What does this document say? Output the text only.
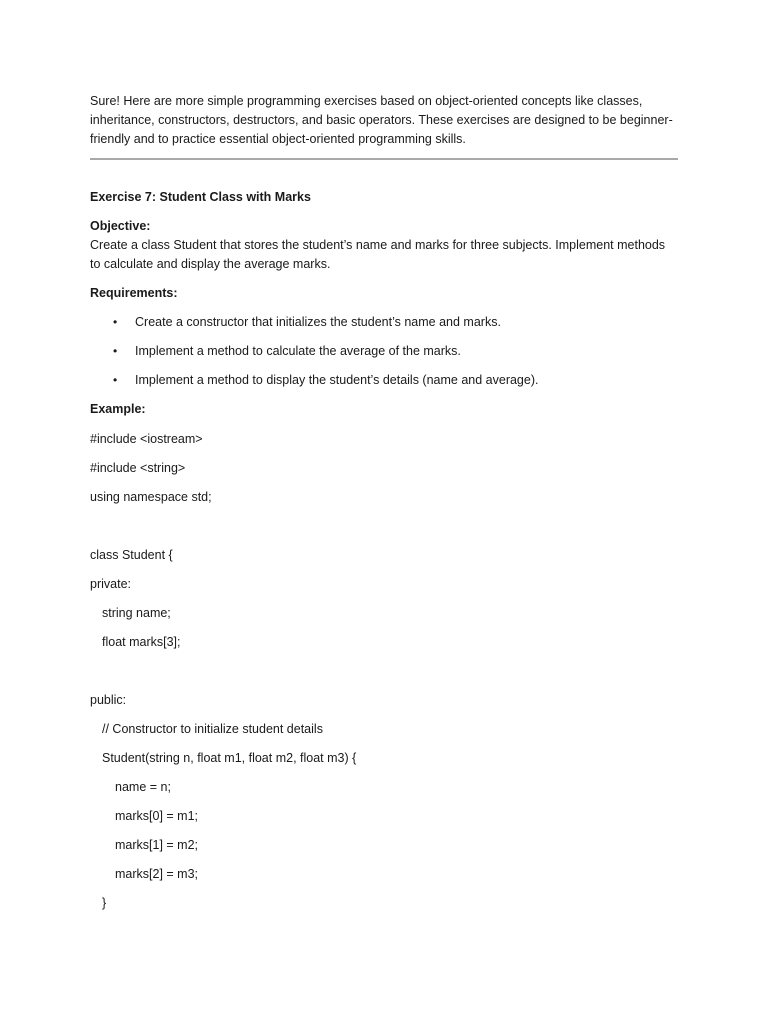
Sure! Here are more simple programming exercises based on object-oriented concepts like classes,
inheritance, constructors, destructors, and basic operators. These exercises are designed to be beginner-
friendly and to practice essential object-oriented programming skills.
Exercise 7: Student Class with Marks
Objective:
Create a class Student that stores the student’s name and marks for three subjects. Implement methods
to calculate and display the average marks.
Requirements:
• Create a constructor that initializes the student’s name and marks.
• Implement a method to calculate the average of the marks.
• Implement a method to display the student’s details (name and average).
Example:
#include <iostream>
#include <string>
using namespace std;
class Student {
private:
string name;
float marks[3];
public:
// Constructor to initialize student details
Student(string n, float m1, float m2, float m3) {
name = n;
marks[0] = m1;
marks[1] = m2;
marks[2] = m3;
}
